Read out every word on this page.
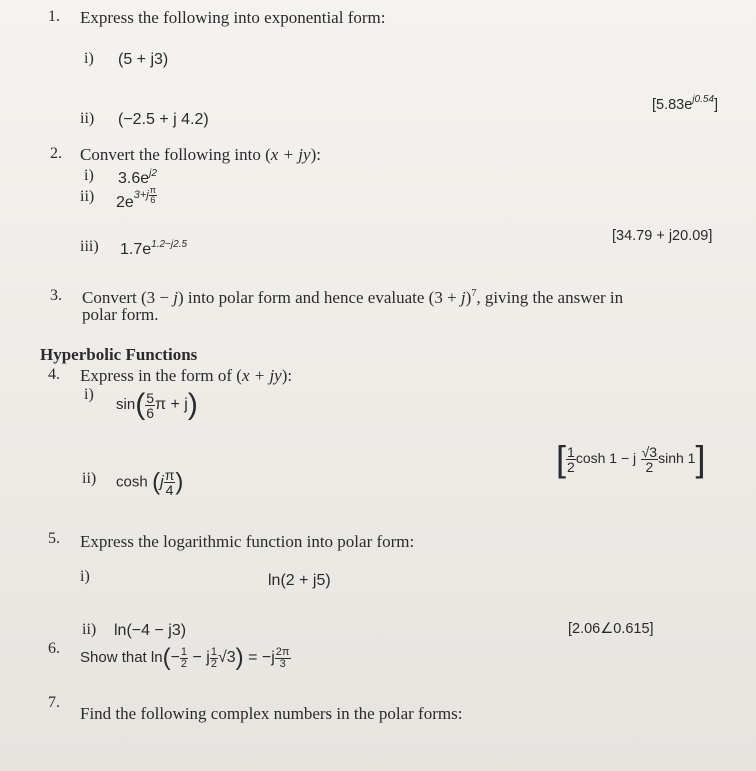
1. Express the following into exponential form:
i) (5 + j3)
$[5.83e^{j0.54}]$
ii) (−2.5 + j 4.2)
2. Convert the following into (x + jy):
i) $3.6e^{j2}$
ii) $2e^{3+j \frac{\pi}{6}}$
[34.79 + j20.09]
iii) $1.7e^{1.2-j2.5}$
3. Convert (3 − j) into polar form and hence evaluate $(3 + j)^7$, giving the answer in
polar form.
Hyperbolic Functions
4. Express in the form of (x + jy):
i)
$\sin( \frac{5}{6}$ π + j)
[ $\frac{1}{2}$ cosh 1 − j $\frac{√3}{2}$ sinh 1]
ii) $\cosh (j \frac{\pi}{4}$ )
5. Express the logarithmic function into polar form:
i)	ln(2 + j5)
ii) ln(−4 − j3)	[2.06∠0.615]
6.
Show that $\ln(- \frac{1}{2} - j \frac{1}{2} √3) = -j \frac{2\pi}{3}$
7.
Find the following complex numbers in the polar forms:
